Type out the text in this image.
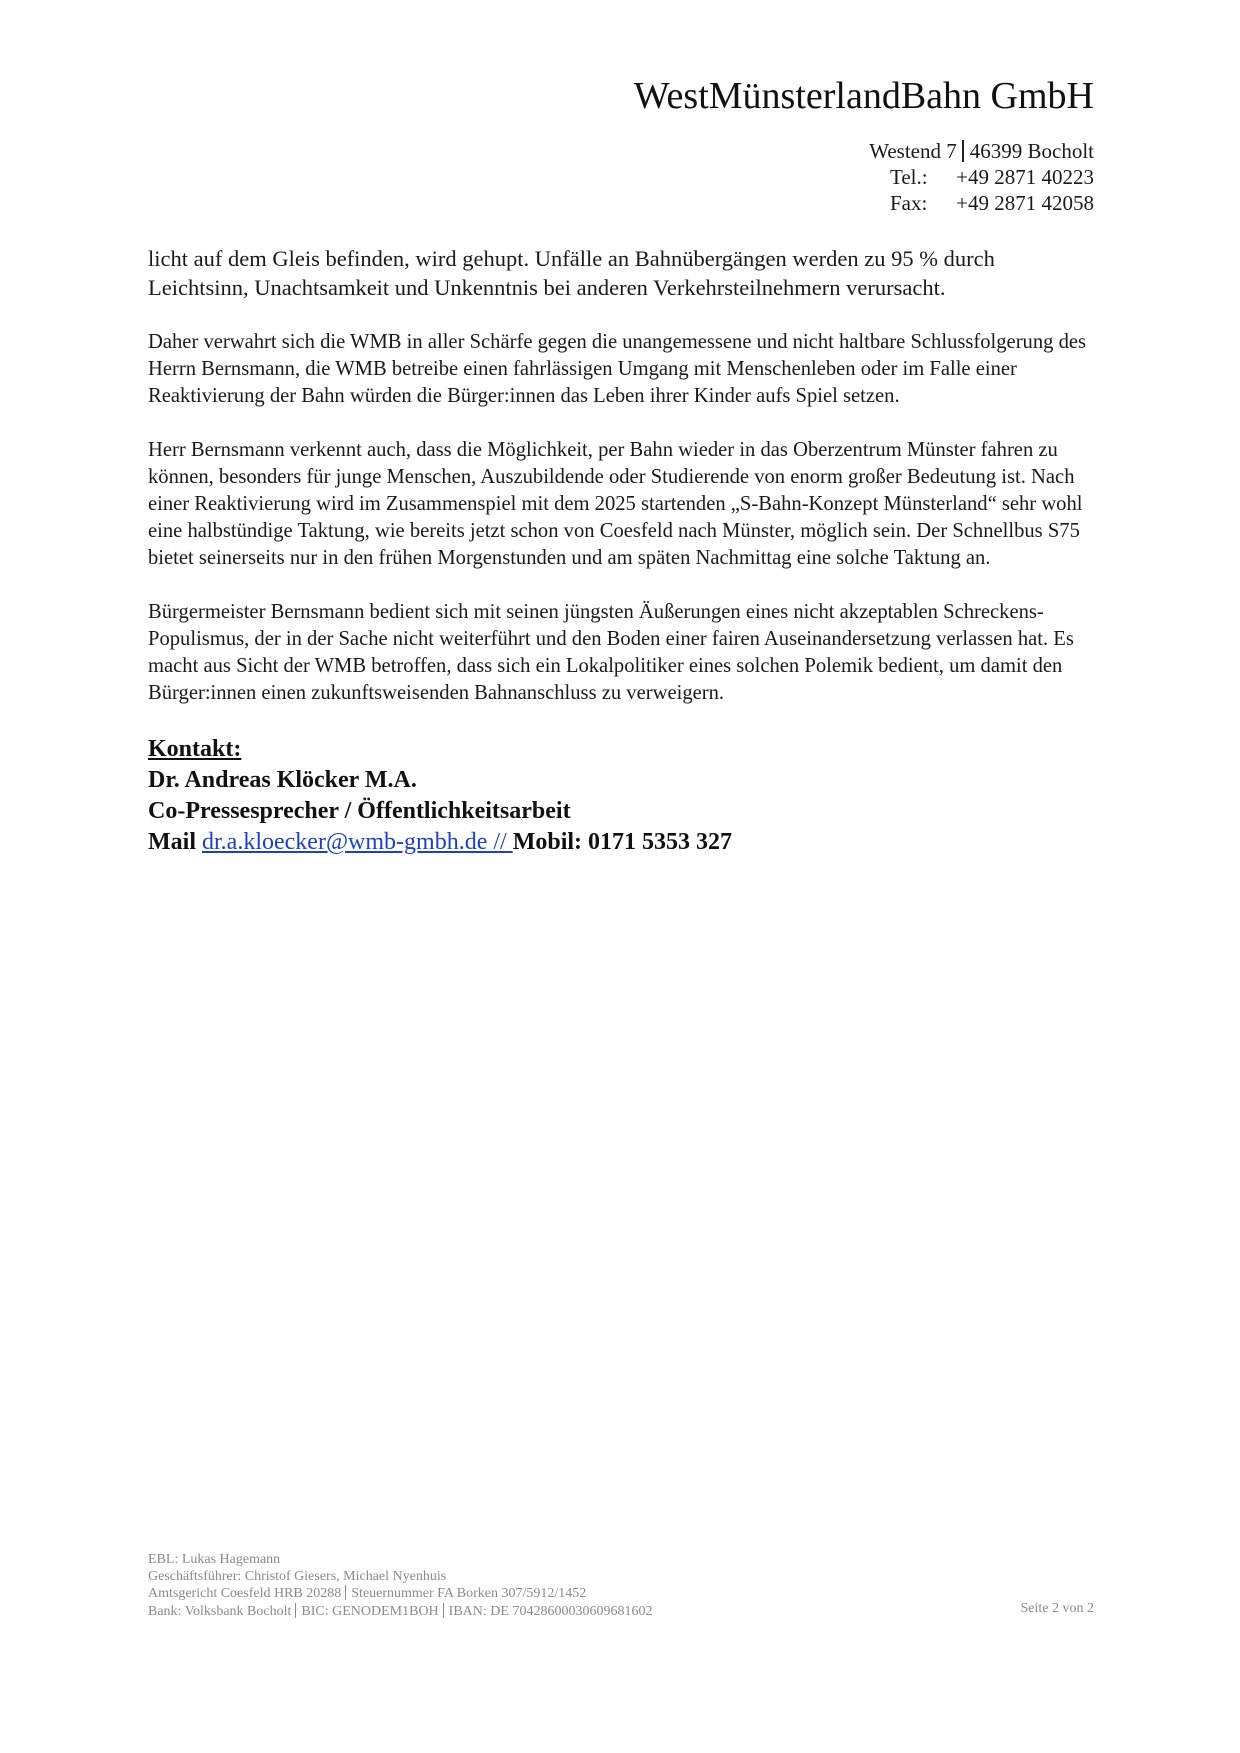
WestMünsterlandBahn GmbH
Westend 7 46399 Bocholt
Tel.:	+49 2871 40223
Fax:	+49 2871 42058

licht auf dem Gleis befinden, wird gehupt. Unfälle an Bahnübergängen werden zu 95 % durch Leichtsinn, Unachtsamkeit und Unkenntnis bei anderen Verkehrsteilnehmern verursacht.

Daher verwahrt sich die WMB in aller Schärfe gegen die unangemessene und nicht haltbare Schlussfolgerung des Herrn Bernsmann, die WMB betreibe einen fahrlässigen Umgang mit Menschenleben oder im Falle einer Reaktivierung der Bahn würden die Bürger:innen das Leben ihrer Kinder aufs Spiel setzen.

Herr Bernsmann verkennt auch, dass die Möglichkeit, per Bahn wieder in das Oberzentrum Münster fahren zu können, besonders für junge Menschen, Auszubildende oder Studierende von enorm großer Bedeutung ist. Nach einer Reaktivierung wird im Zusammenspiel mit dem 2025 startenden „S-Bahn-Konzept Münsterland“ sehr wohl eine halbstündige Taktung, wie bereits jetzt schon von Coesfeld nach Münster, möglich sein. Der Schnellbus S75 bietet seinerseits nur in den frühen Morgenstunden und am späten Nachmittag eine solche Taktung an.

Bürgermeister Bernsmann bedient sich mit seinen jüngsten Äußerungen eines nicht akzeptablen Schreckens-Populismus, der in der Sache nicht weiterführt und den Boden einer fairen Auseinandersetzung verlassen hat. Es macht aus Sicht der WMB betroffen, dass sich ein Lokalpolitiker eines solchen Polemik bedient, um damit den Bürger:innen einen zukunftsweisenden Bahnanschluss zu verweigern.

Kontakt:
Dr. Andreas Klöcker M.A.
Co-Pressesprecher / Öffentlichkeitsarbeit
Mail dr.a.kloecker@wmb-gmbh.de // Mobil: 0171 5353 327
EBL: Lukas Hagemann
Geschäftsführer: Christof Giesers, Michael Nyenhuis
Amtsgericht Coesfeld HRB 20288 Steuernummer FA Borken 307/5912/1452
Bank: Volksbank Bocholt BIC: GENODEM1BOH IBAN: DE 70428600030609681602	Seite 2 von 2
